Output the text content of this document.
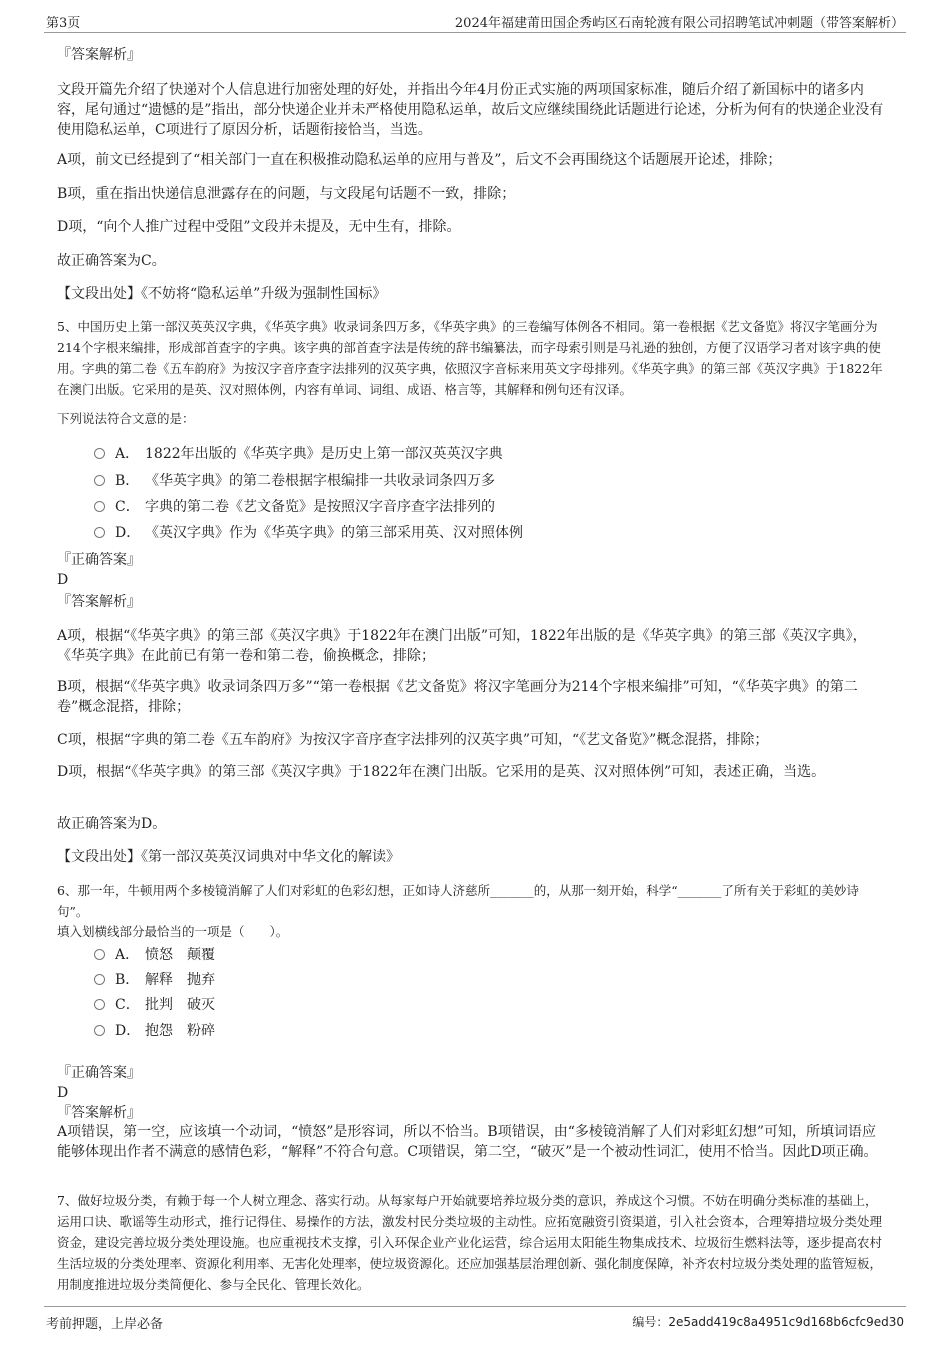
第3页	2024年福建莆田国企秀屿区石南轮渡有限公司招聘笔试冲刺题（带答案解析）
『答案解析』
文段开篇先介绍了快递对个人信息进行加密处理的好处，并指出今年4月份正式实施的两项国家标准，随后介绍了新国标中的诸多内容，尾句通过“遗憾的是”指出，部分快递企业并未严格使用隐私运单，故后文应继续围绕此话题进行论述，分析为何有的快递企业没有使用隐私运单，C项进行了原因分析，话题衔接恰当，当选。
A项，前文已经提到了“相关部门一直在积极推动隐私运单的应用与普及”，后文不会再围绕这个话题展开论述，排除；
B项，重在指出快递信息泄露存在的问题，与文段尾句话题不一致，排除；
D项，“向个人推广过程中受阻”文段并未提及，无中生有，排除。
故正确答案为C。
【文段出处】《不妨将“隐私运单”升级为强制性国标》
5、中国历史上第一部汉英英汉字典，《华英字典》收录词条四万多，《华英字典》的三卷编写体例各不相同。第一卷根据《艺文备览》将汉字笔画分为214个字根来编排，形成部首查字的字典。该字典的部首查字法是传统的辞书编纂法，而字母索引则是马礼逊的独创，方便了汉语学习者对该字典的使用。字典的第二卷《五车韵府》为按汉字音序查字法排列的汉英字典，依照汉字音标来用英文字母排列。《华英字典》的第三部《英汉字典》于1822年在澳门出版。它采用的是英、汉对照体例，内容有单词、词组、成语、格言等，其解释和例句还有汉译。
下列说法符合文意的是：
A． 1822年出版的《华英字典》是历史上第一部汉英英汉字典
B． 《华英字典》的第二卷根据字根编排一共收录词条四万多
C． 字典的第二卷《艺文备览》是按照汉字音序查字法排列的
D． 《英汉字典》作为《华英字典》的第三部采用英、汉对照体例
『正确答案』
D
『答案解析』
A项，根据“《华英字典》的第三部《英汉字典》于1822年在澳门出版”可知，1822年出版的是《华英字典》的第三部《英汉字典》，《华英字典》在此前已有第一卷和第二卷，偷换概念，排除；
B项，根据“《华英字典》收录词条四万多”“第一卷根据《艺文备览》将汉字笔画分为214个字根来编排”可知，“《华英字典》的第二卷”概念混搭，排除；
C项，根据“字典的第二卷《五车韵府》为按汉字音序查字法排列的汉英字典”可知，“《艺文备览》”概念混搭，排除；
D项，根据“《华英字典》的第三部《英汉字典》于1822年在澳门出版。它采用的是英、汉对照体例”可知，表述正确，当选。
故正确答案为D。
【文段出处】《第一部汉英英汉词典对中华文化的解读》
6、那一年，牛顿用两个多棱镜消解了人们对彩虹的色彩幻想，正如诗人济慈所_______的，从那一刻开始，科学“_______了所有关于彩虹的美妙诗句”。
填入划横线部分最恰当的一项是（　　）。
A． 愤怒　颠覆
B． 解释　抛弃
C． 批判　破灭
D． 抱怨　粉碎
『正确答案』
D
『答案解析』
A项错误，第一空，应该填一个动词，“愤怒”是形容词，所以不恰当。B项错误，由“多棱镜消解了人们对彩虹幻想”可知，所填词语应能够体现出作者不满意的感情色彩，“解释”不符合句意。C项错误，第二空，“破灭”是一个被动性词汇，使用不恰当。因此D项正确。
7、做好垃圾分类，有赖于每一个人树立理念、落实行动。从每家每户开始就要培养垃圾分类的意识，养成这个习惯。不妨在明确分类标准的基础上，运用口诀、歌谣等生动形式，推行记得住、易操作的方法，激发村民分类垃圾的主动性。应拓宽融资引资渠道，引入社会资本，合理筹措垃圾分类处理资金，建设完善垃圾分类处理设施。也应重视技术支撑，引入环保企业产业化运营，综合运用太阳能生物集成技术、垃圾衍生燃料法等，逐步提高农村生活垃圾的分类处理率、资源化利用率、无害化处理率，使垃圾资源化。还应加强基层治理创新、强化制度保障，补齐农村垃圾分类处理的监管短板，用制度推进垃圾分类简便化、参与全民化、管理长效化。
考前押题，上岸必备	编号：2e5add419c8a4951c9d168b6cfc9ed30
